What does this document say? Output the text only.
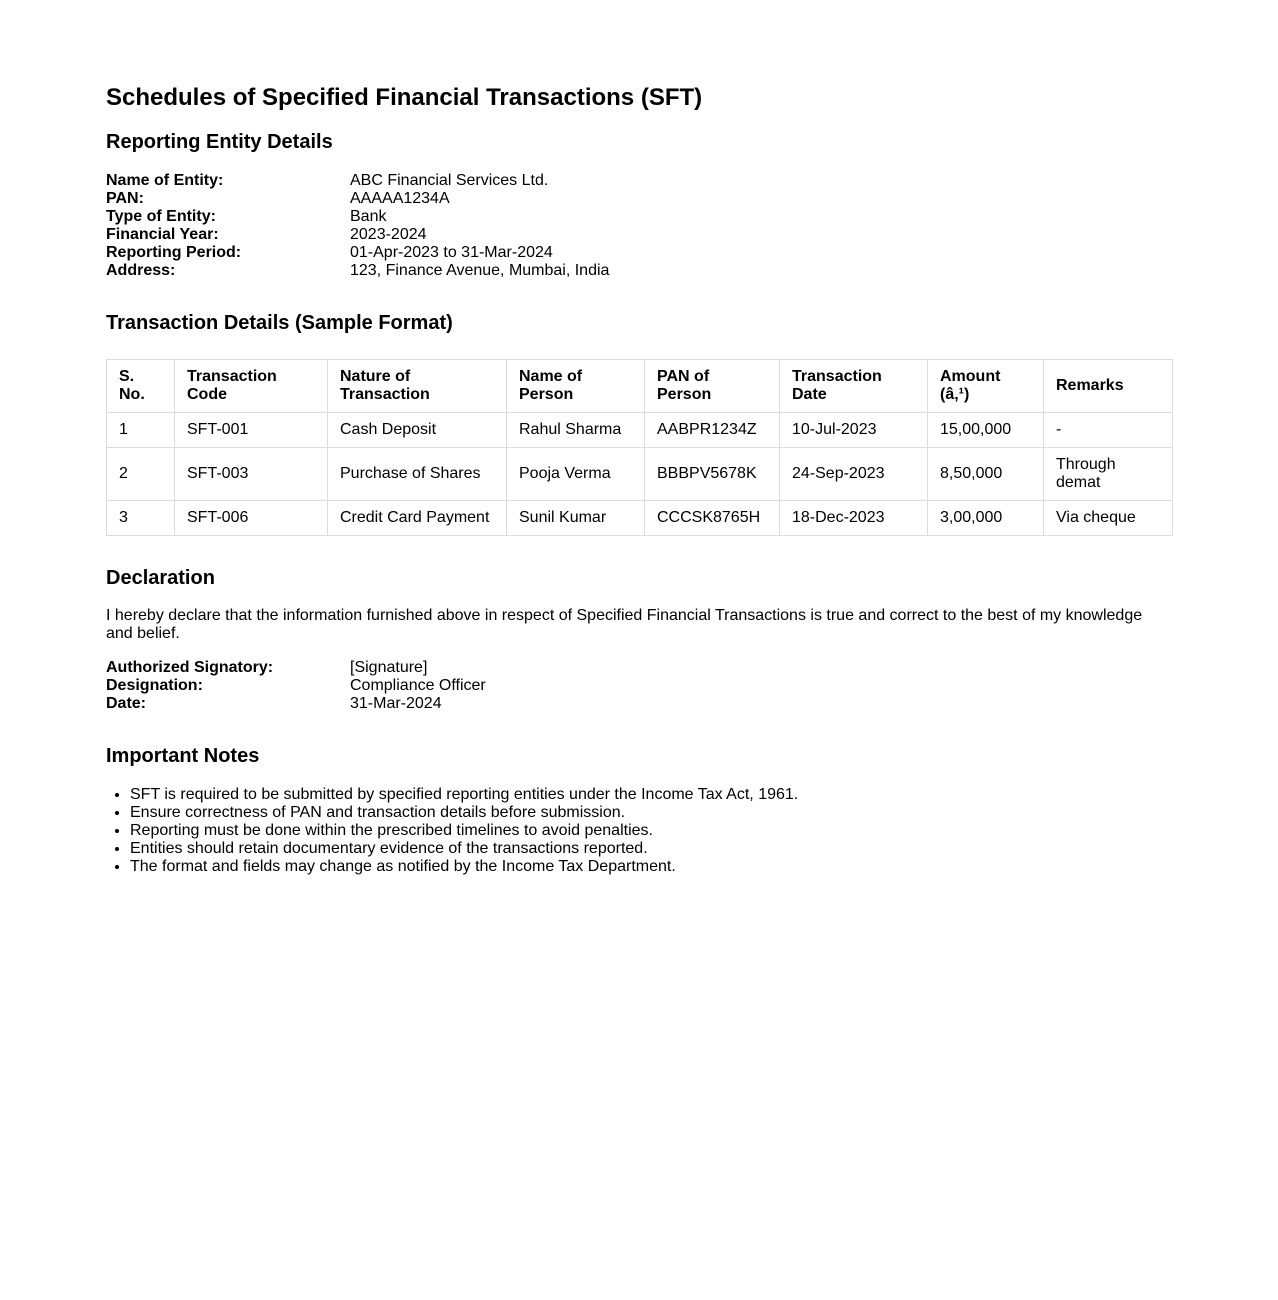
Schedules of Specified Financial Transactions (SFT)
Reporting Entity Details
Name of Entity:	ABC Financial Services Ltd.
PAN:	AAAAA1234A
Type of Entity:	Bank
Financial Year:	2023-2024
Reporting Period:	01-Apr-2023 to 31-Mar-2024
Address:	123, Finance Avenue, Mumbai, India
Transaction Details (Sample Format)
S. No.	Transaction Code	Nature of Transaction	Name of Person	PAN of Person	Transaction Date	Amount (â‚¹)	Remarks
1	SFT-001	Cash Deposit	Rahul Sharma	AABPR1234Z	10-Jul-2023	15,00,000	-
2	SFT-003	Purchase of Shares	Pooja Verma	BBBPV5678K	24-Sep-2023	8,50,000	Through demat
3	SFT-006	Credit Card Payment	Sunil Kumar	CCCSK8765H	18-Dec-2023	3,00,000	Via cheque
Declaration

I hereby declare that the information furnished above in respect of Specified Financial Transactions is true and correct to the best of my knowledge and belief.

Authorized Signatory:	[Signature]
Designation:	Compliance Officer
Date:	31-Mar-2024
Important Notes
• SFT is required to be submitted by specified reporting entities under the Income Tax Act, 1961.
• Ensure correctness of PAN and transaction details before submission.
• Reporting must be done within the prescribed timelines to avoid penalties.
• Entities should retain documentary evidence of the transactions reported.
• The format and fields may change as notified by the Income Tax Department.
